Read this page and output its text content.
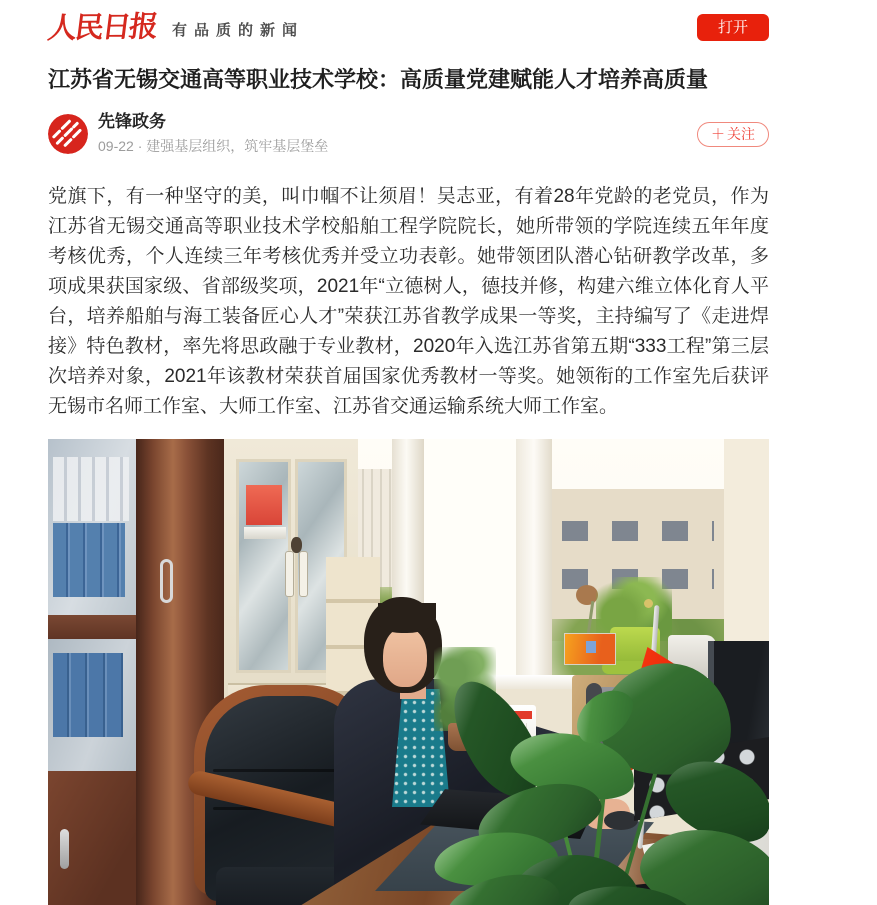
人民日报 有品质的新闻	打开
江苏省无锡交通高等职业技术学校：高质量党建赋能人才培养高质量
先锋政务
09-22 · 建强基层组织，筑牢基层堡垒
＋ 关注

党旗下，有一种坚守的美，叫巾帼不让须眉！吴志亚，有着28年党龄的老党员，作为江苏省无锡交通高等职业技术学校船舶工程学院院长，她所带领的学院连续五年年度考核优秀，个人连续三年考核优秀并受立功表彰。她带领团队潜心钻研教学改革，多项成果获国家级、省部级奖项，2021年“立德树人，德技并修，构建六维立体化育人平台，培养船舶与海工装备匠心人才”荣获江苏省教学成果一等奖，主持编写了《走进焊接》特色教材，率先将思政融于专业教材，2020年入选江苏省第五期“333工程”第三层次培养对象，2021年该教材荣获首届国家优秀教材一等奖。她领衔的工作室先后获评无锡市名师工作室、大师工作室、江苏省交通运输系统大师工作室。
